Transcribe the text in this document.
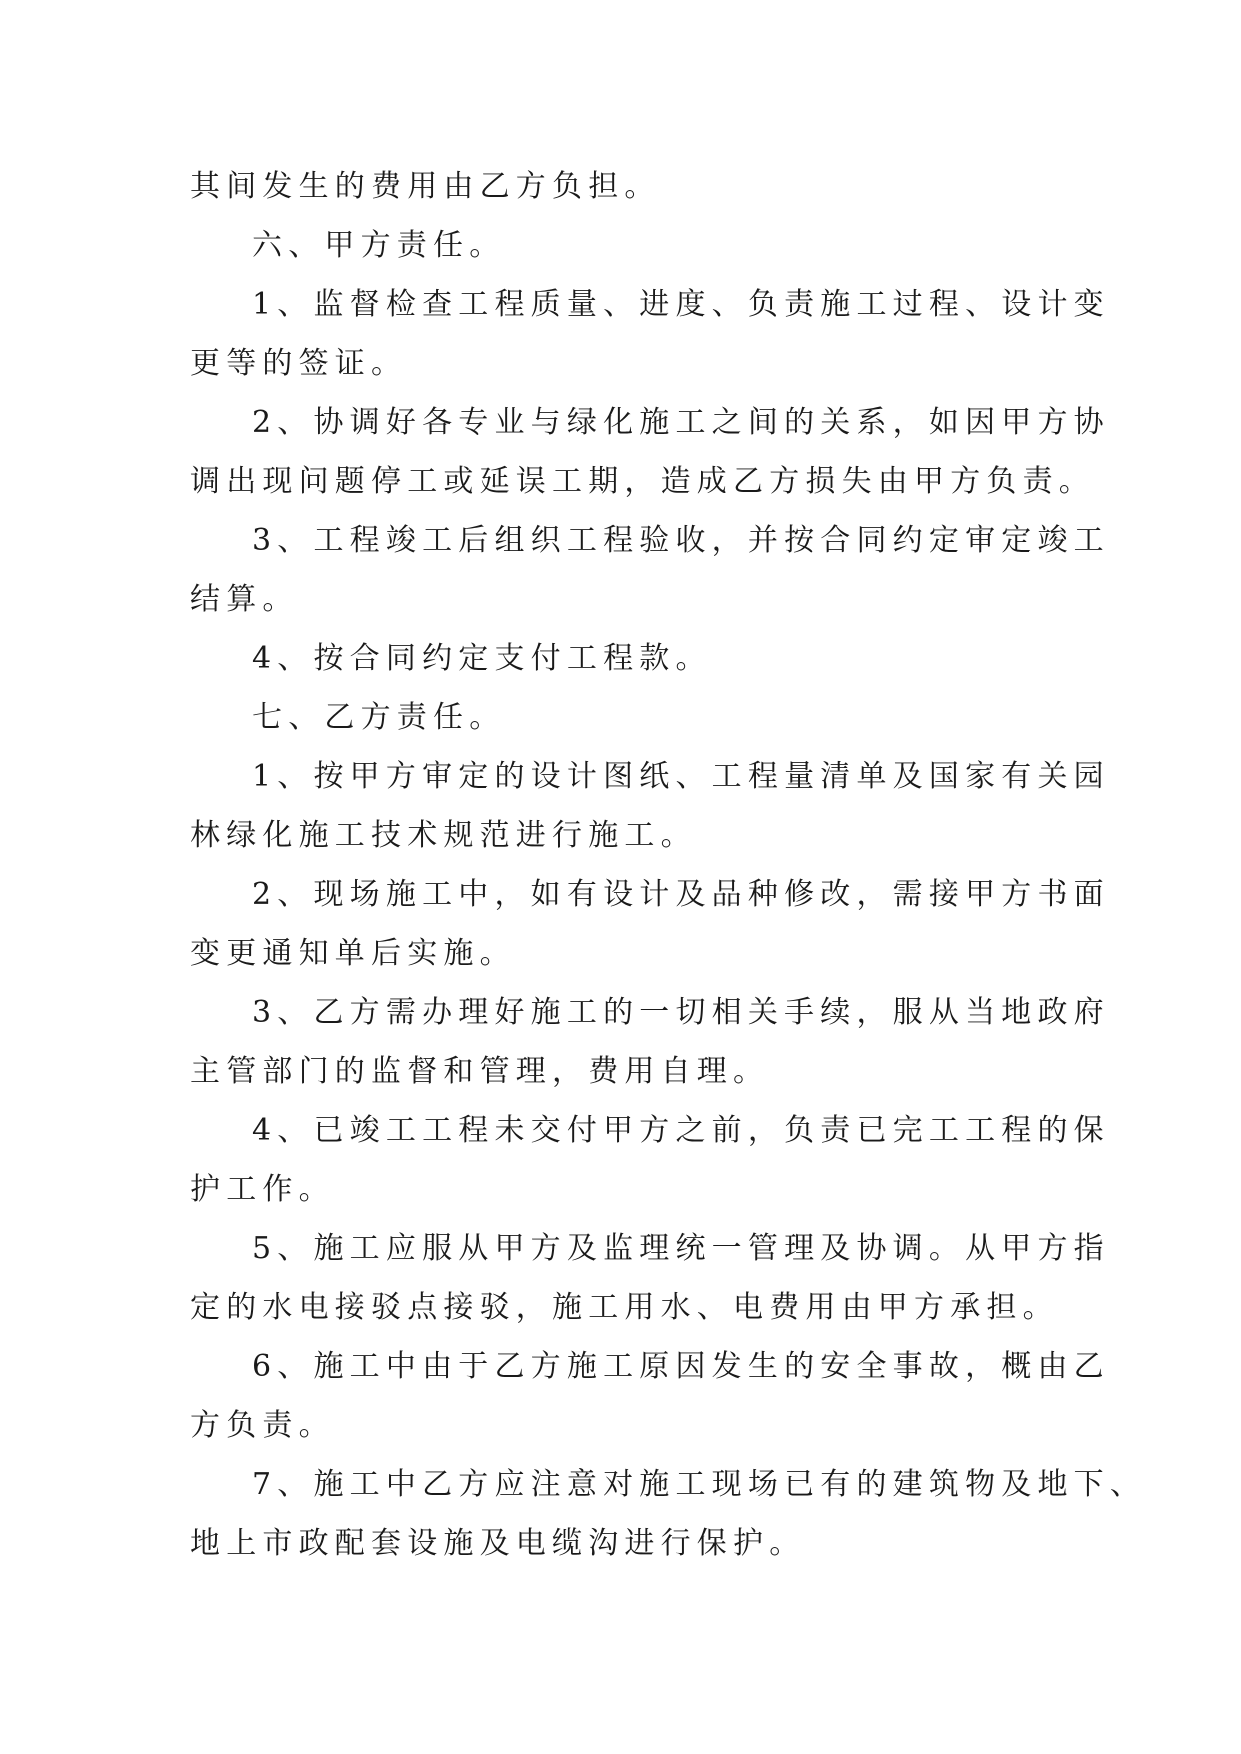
其间发生的费用由乙方负担。
六、甲方责任。
1、监督检查工程质量、进度、负责施工过程、设计变
更等的签证。
2、协调好各专业与绿化施工之间的关系，如因甲方协
调出现问题停工或延误工期，造成乙方损失由甲方负责。
3、工程竣工后组织工程验收，并按合同约定审定竣工
结算。
4、按合同约定支付工程款。
七、乙方责任。
1、按甲方审定的设计图纸、工程量清单及国家有关园
林绿化施工技术规范进行施工。
2、现场施工中，如有设计及品种修改，需接甲方书面
变更通知单后实施。
3、乙方需办理好施工的一切相关手续，服从当地政府
主管部门的监督和管理，费用自理。
4、已竣工工程未交付甲方之前，负责已完工工程的保
护工作。
5、施工应服从甲方及监理统一管理及协调。从甲方指
定的水电接驳点接驳，施工用水、电费用由甲方承担。
6、施工中由于乙方施工原因发生的安全事故，概由乙
方负责。
7、施工中乙方应注意对施工现场已有的建筑物及地下、
地上市政配套设施及电缆沟进行保护。
